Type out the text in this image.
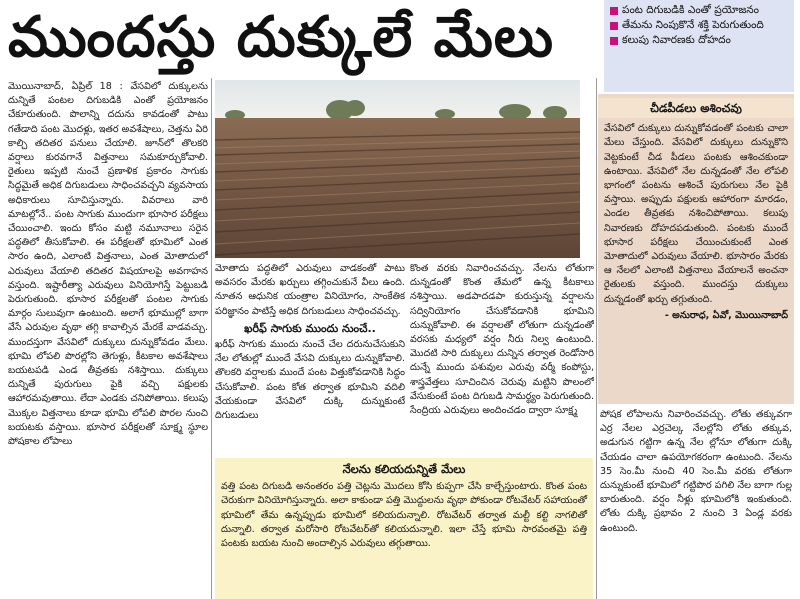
ముందస్తు దుక్కులే మేలు	పంట దిగుబడికి ఎంతో ప్రయోజనం
తేమను నింపుకొనే శక్తి పెరుగుతుంది
కలుపు నివారణకు దోహదం

మొయినాబాద్, ఏప్రిల్ 18 : వేసవిలో దుక్కులను దున్నితే పంటల దిగుబడికి ఎంతో ప్రయోజనం చేకూరుతుంది. పొలాన్ని దదును కావడంతో పాటు గతేడాది పంట మొదళ్లు, ఇతర అవశేషాలు, చెత్తను ఏరి కాల్చి తదితర పనులు చేయాలి. జూన్‌లో తొలకరి వర్షాలు కురవగానే విత్తనాలు సమకూర్చుకోవాలి. రైతులు ఇప్పటి నుంచే ప్రణాళిక ప్రకారం సాగుకు సిద్ధమైతే అధిక దిగుబడులు సాధించవచ్చని వ్యవసాయ అధికారులు సూచిస్తున్నారు. వివరాలు వారి మాటల్లోనే.. పంట సాగుకు ముందుగా భూసార పరీక్షలు చేయించాలి. ఇందు కోసం మట్టి నమూనాలు సరైన పద్ధతిలో తీసుకోవాలి. ఈ పరీక్షలతో భూమిలో ఎంత సారం ఉంది, ఎలాంటి విత్తనాలు, ఎంత మోతాదులో ఎరువులు వేయాలి తదితర విషయాలపై అవగాహన వస్తుంది. ఇష్టారీత్యా ఎరువులు వినియోగిస్తే పెట్టుబడి పెరుగుతుంది. భూసార పరీక్షలతో పంటల సాగుకు మార్గం సులువుగా ఉంటుంది. అలాగే భూముల్లో బాగా వేసే ఎరువుల వృథా తగ్గి కావాల్సిన మేరకే వాడవచ్చు. ముందస్తుగా వేసవిలో దుక్కులు దున్నుకోవడం మేలు. భూమి లోపలి పొరల్లోని తెగుళ్లు, కీటకాల అవశేషాలు బయటపడి ఎండ తీవ్రతకు నశిస్తాయి. దుక్కులు దున్నితే పురుగులు పైకి వచ్చి పక్షులకు ఆహారమవుతాయి. లేదా ఎండకు చనిపోతాయి. కలుపు మొక్కల విత్తనాలు కూడా భూమి లోపలి పొరల నుంచి బయటకు వస్తాయి. భూసార పరీక్షలతో సూక్ష్మ స్థూల పోషకాల లోపాలు

మోతాదు పద్ధతిలో ఎరువులు వాడకంతో పాటు అవసరం మేరకు ఖర్చులు తగ్గించుకునే వీలు ఉంది. నూతన ఆధునిక యంత్రాల వినియోగం, సాంకేతిక పరిజ్ఞానం పాటిస్తే అధిక దిగుబడులు సాధించవచ్చు.

ఖరీఫ్ సాగుకు ముందు నుంచే..

ఖరీఫ్ సాగుకు ముందు నుంచే చేల దరునుచేసుకుని నేల లోతుల్లో ముందే వేసవి దుక్కులు దున్నుకోవాలి. తొలకరి వర్షాలకు ముందే పంట విత్తుకోవడానికి సిద్ధం చేసుకోవాలి. పంట కోత తర్వాత భూమిని వదిలి వేయకుండా వేసవిలో దుక్కి దున్నుకుంటే దిగుబడులు

కొంత వరకు నివారించవచ్చు. నేలను లోతుగా దున్నడంతో కొంత తేమలో ఉన్న కీటకాలు నశిస్తాయి. అడపాదడపా కురుస్తున్న వర్షాలను సద్వినియోగం చేసుకోవడానికి భూమిని దున్నుకోవాలి. ఈ వర్షాలతో లోతుగా దున్నడంతో వరసకు మధ్యలో వర్షం నీరు నిల్వ ఉంటుంది. మొదటి సారి దుక్కులు దున్నిన తర్వాత రెండోసారి దున్నే ముందు పశువుల ఎరువు వర్మీ కంపోస్టు, శాస్త్రవేత్తలు సూచించిన చెరువు మట్టిని పొలంలో వేసుకుంటే పంట దిగుబడి సామర్థ్యం పెరుగుతుంది. సేంద్రియ ఎరువులు అందించడం ద్వారా సూక్ష్మ

చీడపీడలు అశించవు
వేసవిలో దుక్కులు దున్నుకోవడంతో పంటకు చాలా మేలు చేస్తుంది. వేసవిలో దుక్కులు దున్నుకొని వెట్టకుంటే చీడ పీడలు పంటకు ఆశించకుండా ఉంటాయి. వేసవిలో నేల దున్నడంతో నేల లోపలి భాగంలో పంటను ఆశించే పురుగులు నేల పైకి వస్తాయి. అప్పుడు పక్షులకు ఆహారంగా మారడం, ఎండల తీవ్రతకు నశించిపోతాయి. కలుపు నివారణకు దోహదపడుతుంది. పంటకు ముందే భూసార పరీక్షలు చేయించుకుంటే ఎంత మోతాదులో ఎరువులు వేయాలి. భూసారం మేరకు ఆ నేలలో ఎలాంటి విత్తనాలు వేయాలనే అంచనా రైతులకు వస్తుంది. ముందస్తు దుక్కులు దున్నడంతో ఖర్చు తగ్గుతుంది.
- అనురాధ, ఏవో, మొయినాబాద్

పోషక లోపాలను నివారించవచ్చు. లోతు తక్కువగా ఎర్ర నేలల ఎర్రచెల్క నేలల్లోని లోతు తక్కువ, అడుగున గట్టిగా ఉన్న నేల ల్లోనూ లోతుగా దుక్కి చేయడం చాలా ఉపయోగకరంగా ఉంటుంది. నేలను 35 సెం.మీ నుంచి 40 సెం.మీ వరకు లోతుగా దున్నుకుంటే భూమిలో గట్టిపొర పగిలి నేల బాగా గుల్ల బారుతుంది. వర్షం నీళ్లు భూమిలోకి ఇంకుతుంది. లోతు దుక్కి ప్రభావం 2 నుంచి 3 ఏండ్ల వరకు ఉంటుంది.

నేలను కలియదున్నితే మేలు
వత్తి పంట దిగుబడి అనంతరం పత్తి చెట్లను మొదలు కోసి కుప్పగా చేసి కాల్చేస్తుంటారు. కొంత పంట చెరుకుగా వినియోగిస్తున్నారు. అలా కాకుండా పత్తి మొద్దులను వృథా పోకుండా రోటవేటర్ సహాయంతో భూమిలో తేమ ఉన్నప్పుడు భూమిలో కలియదున్నాలి. రోటవేటర్ తర్వాత మల్టీ కల్టి నాగలితో దున్నాలి. తర్వాత మరోసారి రోటవేటర్‌తో కలియదున్నాలి. ఇలా చేస్తే భూమి సారవంతమై పత్తి పంటకు బయట నుంచి అందాల్సిన ఎరువులు తగ్గుతాయి.
